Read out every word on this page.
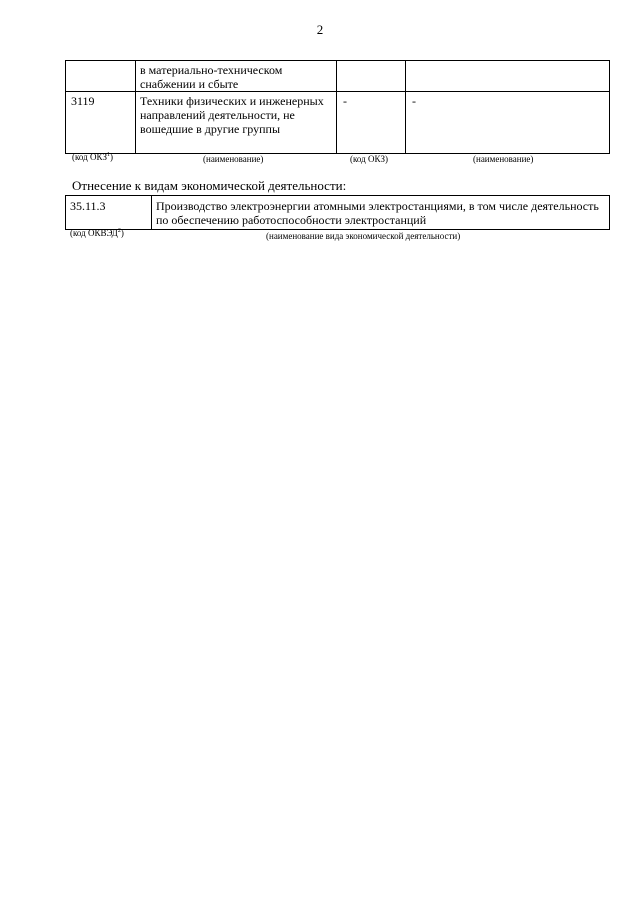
2
	в материально-техническом снабжении и сбыте		
3119	Техники физических и инженерных направлений деятельности, не вошедшие в другие группы	-	-
(код ОКЗ$^1$)	(наименование)	(код ОКЗ)	(наименование)
Отнесение к видам экономической деятельности:
35.11.3	Производство электроэнергии атомными электростанциями, в том числе деятельность по обеспечению работоспособности электростанций
(код ОКВЭД$^2$)	(наименование вида экономической деятельности)
